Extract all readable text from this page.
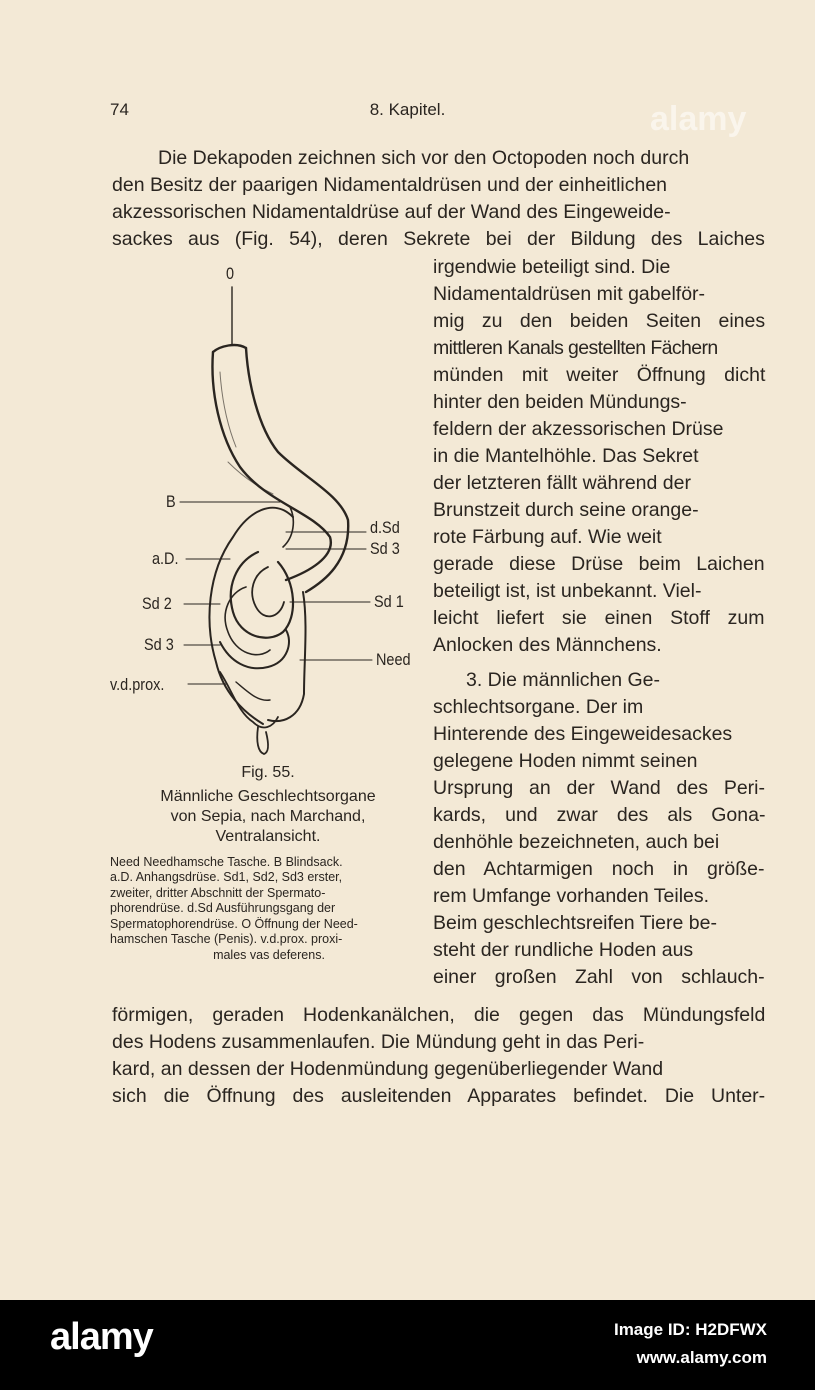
alamy
74	8. Kapitel.
Die Dekapoden zeichnen sich vor den Octopoden noch durch
den Besitz der paarigen Nidamentaldrüsen und der einheitlichen
akzessorischen Nidamentaldrüse auf der Wand des Eingeweide-
sackes aus (Fig. 54), deren Sekrete bei der Bildung des Laiches
irgendwie beteiligt sind. Die
Nidamentaldrüsen mit gabelför-
mig zu den beiden Seiten eines
mittleren Kanals gestellten Fächern
münden mit weiter Öffnung dicht
hinter den beiden Mündungs-
feldern der akzessorischen Drüse
in die Mantelhöhle. Das Sekret
der letzteren fällt während der
Brunstzeit durch seine orange-
rote Färbung auf. Wie weit
gerade diese Drüse beim Laichen
beteiligt ist, ist unbekannt. Viel-
leicht liefert sie einen Stoff zum
Anlocken des Männchens.
3. Die männlichen Ge-
schlechtsorgane. Der im
Hinterende des Eingeweidesackes
gelegene Hoden nimmt seinen
Ursprung an der Wand des Peri-
kards, und zwar des als Gona-
denhöhle bezeichneten, auch bei
den Achtarmigen noch in größe-
rem Umfange vorhanden Teiles.
Beim geschlechtsreifen Tiere be-
steht der rundliche Hoden aus
einer großen Zahl von schlauch-
förmigen, geraden Hodenkanälchen, die gegen das Mündungsfeld
des Hodens zusammenlaufen. Die Mündung geht in das Peri-
kard, an dessen der Hodenmündung gegenüberliegender Wand
sich die Öffnung des ausleitenden Apparates befindet. Die Unter-
0
B
a.D.
Sd 2
Sd 3
v.d.prox.
d.Sd
Sd 3
Sd 1
Need
Fig. 55.
Männliche Geschlechtsorgane
von Sepia, nach Marchand,
Ventralansicht.
Need Needhamsche Tasche. B Blindsack.
a.D. Anhangsdrüse. Sd1, Sd2, Sd3 erster,
zweiter, dritter Abschnitt der Spermato-
phorendrüse. d.Sd Ausführungsgang der
Spermatophorendrüse. O Öffnung der Need-
hamschen Tasche (Penis). v.d.prox. proxi-
males vas deferens.
alamy	Image ID: H2DFWX
www.alamy.com
